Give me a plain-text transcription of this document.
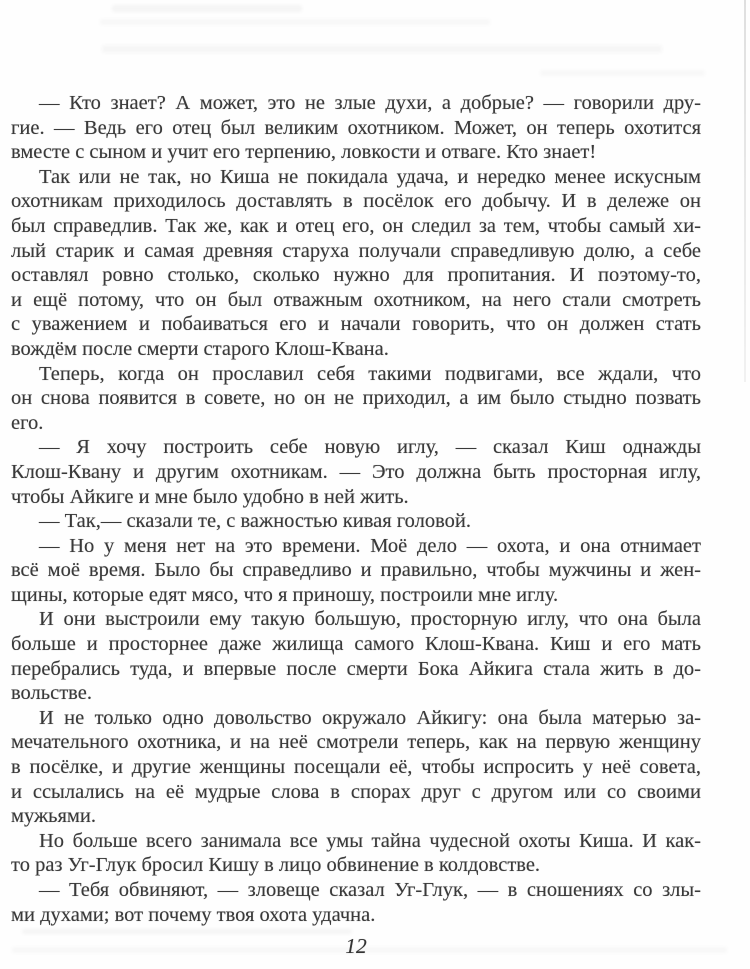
— Кто знает? А может, это не злые духи, а добрые? — говорили дру-
гие. — Ведь его отец был великим охотником. Может, он теперь охотится
вместе с сыном и учит его терпению, ловкости и отваге. Кто знает!
Так или не так, но Киша не покидала удача, и нередко менее искусным
охотникам приходилось доставлять в посёлок его добычу. И в дележе он
был справедлив. Так же, как и отец его, он следил за тем, чтобы самый хи-
лый старик и самая древняя старуха получали справедливую долю, а себе
оставлял ровно столько, сколько нужно для пропитания. И поэтому-то,
и ещё потому, что он был отважным охотником, на него стали смотреть
с уважением и побаиваться его и начали говорить, что он должен стать
вождём после смерти старого Клош-Квана.
Теперь, когда он прославил себя такими подвигами, все ждали, что
он снова появится в совете, но он не приходил, а им было стыдно позвать
его.
— Я хочу построить себе новую иглу, — сказал Киш однажды
Клош-Квану и другим охотникам. — Это должна быть просторная иглу,
чтобы Айкиге и мне было удобно в ней жить.
— Так,— сказали те, с важностью кивая головой.
— Но у меня нет на это времени. Моё дело — охота, и она отнимает
всё моё время. Было бы справедливо и правильно, чтобы мужчины и жен-
щины, которые едят мясо, что я приношу, построили мне иглу.
И они выстроили ему такую большую, просторную иглу, что она была
больше и просторнее даже жилища самого Клош-Квана. Киш и его мать
перебрались туда, и впервые после смерти Бока Айкига стала жить в до-
вольстве.
И не только одно довольство окружало Айкигу: она была матерью за-
мечательного охотника, и на неё смотрели теперь, как на первую женщину
в посёлке, и другие женщины посещали её, чтобы испросить у неё совета,
и ссылались на её мудрые слова в спорах друг с другом или со своими
мужьями.
Но больше всего занимала все умы тайна чудесной охоты Киша. И как-
то раз Уг-Глук бросил Кишу в лицо обвинение в колдовстве.
— Тебя обвиняют, — зловеще сказал Уг-Глук, — в сношениях со злы-
ми духами; вот почему твоя охота удачна.
12
